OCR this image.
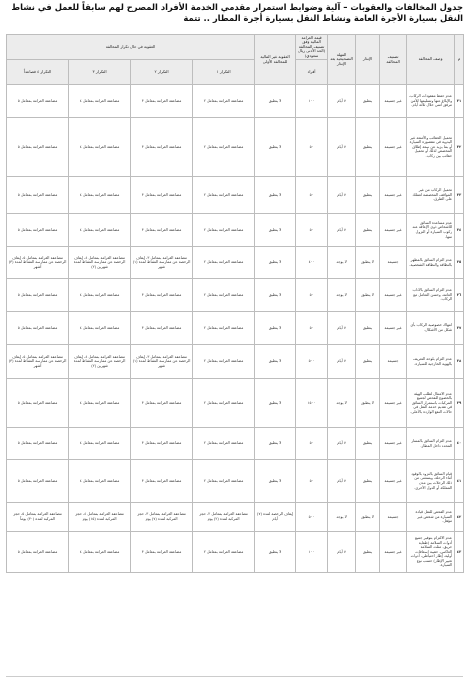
جدول المخالفات والعقوبات – آلية وضوابط استمرار مقدمي الخدمة الأفراد المصرح لهم سابقاً للعمل في نشاط النقل بسيارة الأجرة العامة ونشاط النقل بسيارة أجرة المطار .. تتمة
م	وصف المخالفة	تصنيف المخالفة	الإنذار	المهلة التصحيحية بعد الإنذار	قيمة الغرامة المالية وفق تصنيف المخالفة (الحد الأدنى ريال سعودي)	العقوبة غير المالية للمخالفة الأولى	العقوبة في حال تكرار المخالفة			
					أفراد		التكرار ١	التكرار ٢	التكرار ٣	التكرار ٤ فصاعداً
٣١	عدم حفظ مفقودات الركاب، والإبلاغ عنها وتسليمها للأمن مرفق أمني خلال ثلاثة أيام.	غير جسيمة	ينطبق	٧ أيام	١٠٠	لا ينطبق	مضاعفة الغرامة بمعامل ٢	مضاعفة الغرامة بمعامل ٣	مضاعفة الغرامة بمعامل ٤	مضاعفة الغرامة بمعامل ٥
٣٢	تحميل الحقائب والأمتعة غير اليدوية في مقصورة السيارة أو بما يزيد عن سعة إطلاق المخصص لذلك أو تحميل حقائب بين ركاب.	غير جسيمة	ينطبق	٧ أيام	٥٠	لا ينطبق	مضاعفة الغرامة بمعامل ٢	مضاعفة الغرامة بمعامل ٣	مضاعفة الغرامة بمعامل ٤	مضاعفة الغرامة بمعامل ٥
٣٣	تحميل الركاب من غير المواقف المخصصة لعملك على الطرق.	غير جسيمة	ينطبق	٧ أيام	٥٠	لا ينطبق	مضاعفة الغرامة بمعامل ٢	مضاعفة الغرامة بمعامل ٣	مضاعفة الغرامة بمعامل ٤	مضاعفة الغرامة بمعامل ٥
٣٤	عدم مساعدة السائق للأشخاص ذوي الإعاقة عند ركوب السيارة أو النزول منها.	غير جسيمة	ينطبق	٧ أيام	٥٠	لا ينطبق	مضاعفة الغرامة بمعامل ٢	مضاعفة الغرامة بمعامل ٣	مضاعفة الغرامة بمعامل ٤	مضاعفة الغرامة بمعامل ٥
٣٥	عدم التزام السائق بالمظهر بالنظافة والنظافة الشخصية.	جسيمة	لا ينطبق	لا يوجد	٤٠٠	لا ينطبق	مضاعفة الغرامة بمعامل ٢	مضاعفة الغرامة بمعامل ٣، إيقاف الرخصة عن ممارسة النشاط لمدة (١) شهر	مضاعفة الغرامة بمعامل ٤، إيقاف الرخصة عن ممارسة النشاط لمدة شهرين (٢)	مضاعفة الغرامة بمعامل ٥، إيقاف الرخصة عن ممارسة النشاط لمدة (٣) أشهر
٣٦	عدم التزام السائق بالآداب العامة، وحسن التعامل مع الركاب.	غير جسيمة	لا ينطبق	لا يوجد	٥٠	لا ينطبق	مضاعفة الغرامة بمعامل ٢	مضاعفة الغرامة بمعامل ٣	مضاعفة الغرامة بمعامل ٤	مضاعفة الغرامة بمعامل ٥
٣٧	انتهاك خصوصية الركاب بأي شكل من الأشكال.	غير جسيمة	ينطبق	٧ أيام	٥٠	لا ينطبق	مضاعفة الغرامة بمعامل ٢	مضاعفة الغرامة بمعامل ٣	مضاعفة الغرامة بمعامل ٤	مضاعفة الغرامة بمعامل ٥
٣٨	عدم التزام بلوحة التعريف بالهوية الخارجية للسيارة.	جسيمة	ينطبق	٧ أيام	٥٠٠	لا ينطبق	مضاعفة الغرامة بمعامل ٢	مضاعفة الغرامة بمعامل ٣، إيقاف الرخصة عن ممارسة النشاط لمدة (١) شهر	مضاعفة الغرامة بمعامل ٤، إيقاف الرخصة عن ممارسة النشاط لمدة شهرين (٢)	مضاعفة الغرامة بمعامل ٥، إيقاف الرخصة عن ممارسة النشاط لمدة (٣) أشهر
٣٩	عدم الامتثال لطلب الهيئة بالخضوع للفحص لجميع المركبات باستمرار السائق في تقديم خدمة النقل في حالات النفع الواردة بالأعلى.	غير جسيمة	لا ينطبق	لا يوجد	١٥٠٠	لا ينطبق	مضاعفة الغرامة بمعامل ٢	مضاعفة الغرامة بمعامل ٣	مضاعفة الغرامة بمعامل ٤	مضاعفة الغرامة بمعامل ٥
٤٠	عدم التزام السائق بالمسار المحدد داخل المطار.	غير جسيمة	ينطبق	٧ أيام	٥٠	لا ينطبق	مضاعفة الغرامة بمعامل ٢	مضاعفة الغرامة بمعامل ٣	مضاعفة الغرامة بمعامل ٤	مضاعفة الغرامة بمعامل ٥
٤١	قيام السائق بالتزود بالوقود أثناء الرحلة، وبستثنى من ذلك الرحلات بين مدن المملكة أو الدول الأخرى.	غير جسيمة	ينطبق	٧ أيام	٥٠	لا ينطبق	مضاعفة الغرامة بمعامل ٢	مضاعفة الغرامة بمعامل ٣	مضاعفة الغرامة بمعامل ٤	مضاعفة الغرامة بمعامل ٥
٤٢	عدم الفحص للنقل قيادة السيارة من شخص غير مؤهل.	جسيمة	لا ينطبق	لا يوجد	٥٠٠	إيقاف الرخصة لمدة (٧) أيام	مضاعفة الغرامة بمعامل ٢، حجز المركبة لمدة (٢) يوم	مضاعفة الغرامة بمعامل ٣، حجز المركبة لمدة (٧) يوم	مضاعفة الغرامة بمعامل ٤، حجز المركبة لمدة (١٥) يوم	مضاعفة الغرامة بمعامل ٥، حجز المركبة لمدة (٣٠) يوماً
٤٣	عدم الالتزام بتوفير جميع أدوات السلامة (طفاية حريق، مثلث السلامة العاكس، حقيبة إسعافات أولية، إطار احتياطي، أدوات تغيير الإطار) حسب نوع السيارة.	غير جسيمة	ينطبق	٧ أيام	١٠٠	لا ينطبق	مضاعفة الغرامة بمعامل ٢	مضاعفة الغرامة بمعامل ٣	مضاعفة الغرامة بمعامل ٤	مضاعفة الغرامة بمعامل ٥
